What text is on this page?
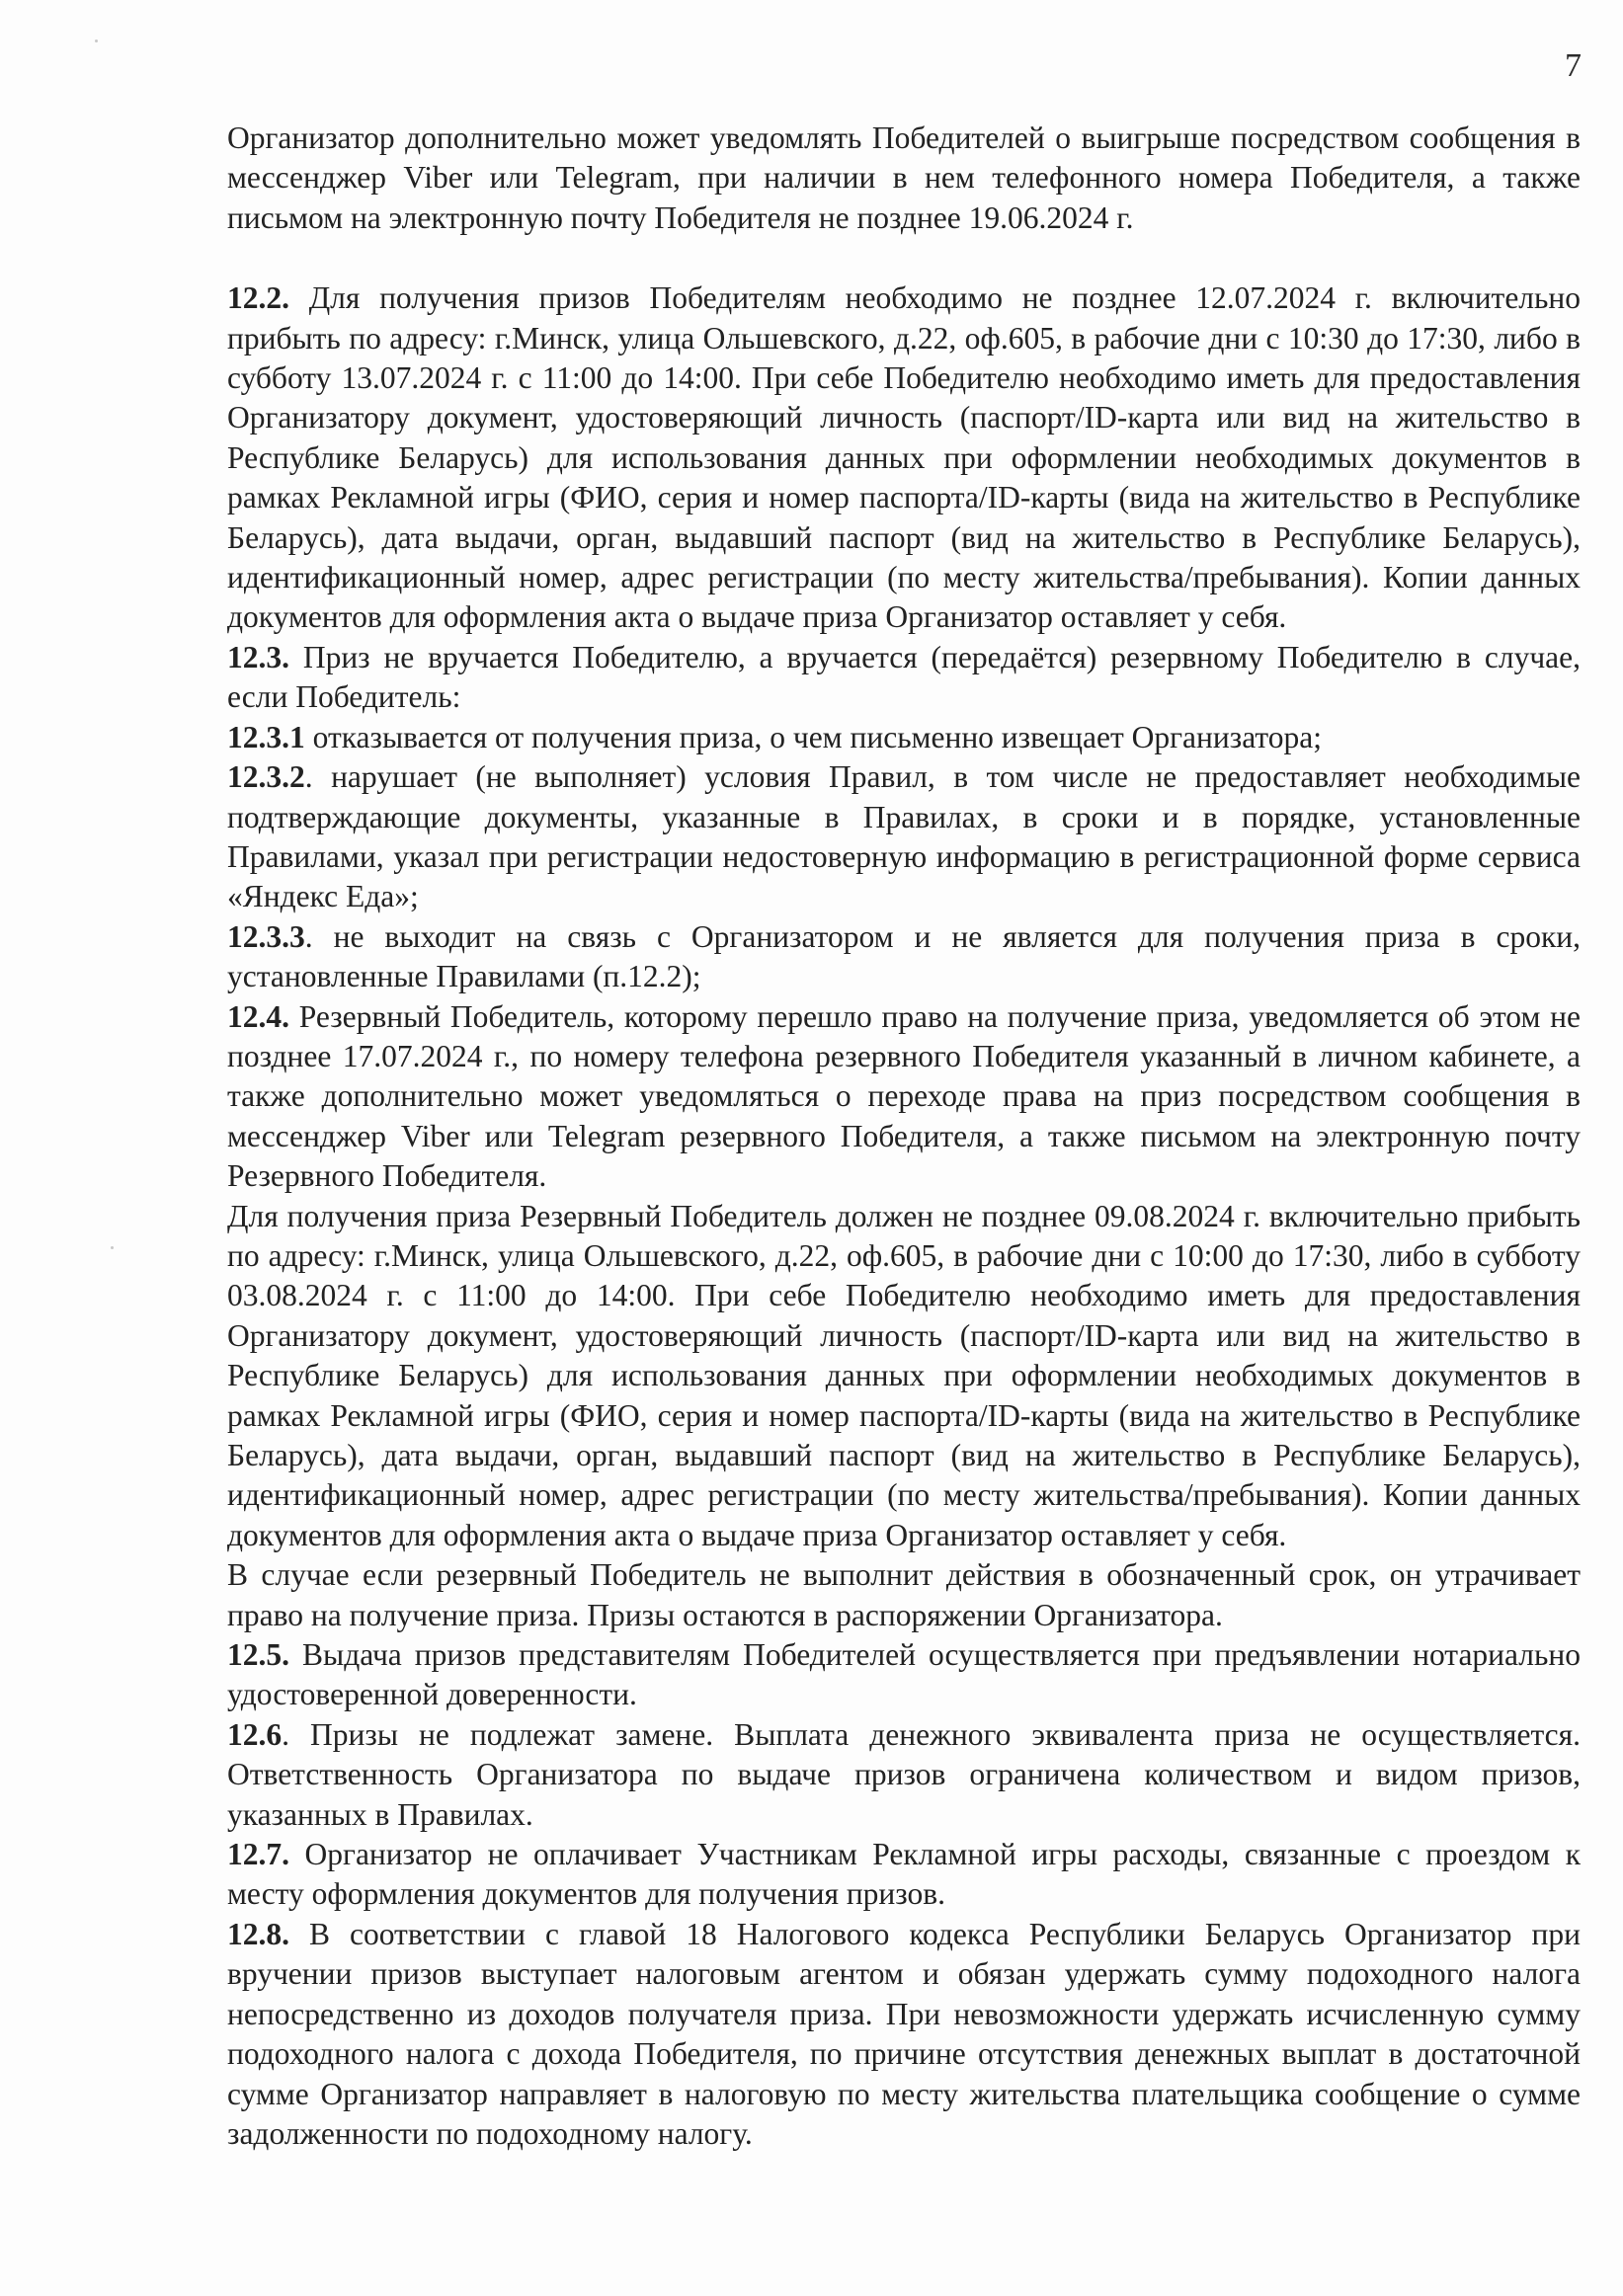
7

Организатор дополнительно может уведомлять Победителей о выигрыше посредством сообщения в мессенджер Viber или Telegram, при наличии в нем телефонного номера Победителя, а также письмом на электронную почту Победителя не позднее 19.06.2024 г.

12.2. Для получения призов Победителям необходимо не позднее 12.07.2024 г. включительно прибыть по адресу: г.Минск, улица Ольшевского, д.22, оф.605, в рабочие дни с 10:30 до 17:30, либо в субботу 13.07.2024 г. с 11:00 до 14:00. При себе Победителю необходимо иметь для предоставления Организатору документ, удостоверяющий личность (паспорт/ID-карта или вид на жительство в Республике Беларусь) для использования данных при оформлении необходимых документов в рамках Рекламной игры (ФИО, серия и номер паспорта/ID-карты (вида на жительство в Республике Беларусь), дата выдачи, орган, выдавший паспорт (вид на жительство в Республике Беларусь), идентификационный номер, адрес регистрации (по месту жительства/пребывания). Копии данных документов для оформления акта о выдаче приза Организатор оставляет у себя.

12.3. Приз не вручается Победителю, а вручается (передаётся) резервному Победителю в случае, если Победитель:

12.3.1 отказывается от получения приза, о чем письменно извещает Организатора;

12.3.2. нарушает (не выполняет) условия Правил, в том числе не предоставляет необходимые подтверждающие документы, указанные в Правилах, в сроки и в порядке, установленные Правилами, указал при регистрации недостоверную информацию в регистрационной форме сервиса «Яндекс Еда»;

12.3.3. не выходит на связь с Организатором и не является для получения приза в сроки, установленные Правилами (п.12.2);

12.4. Резервный Победитель, которому перешло право на получение приза, уведомляется об этом не позднее 17.07.2024 г., по номеру телефона резервного Победителя указанный в личном кабинете, а также дополнительно может уведомляться о переходе права на приз посредством сообщения в мессенджер Viber или Telegram резервного Победителя, а также письмом на электронную почту Резервного Победителя.

Для получения приза Резервный Победитель должен не позднее 09.08.2024 г. включительно прибыть по адресу: г.Минск, улица Ольшевского, д.22, оф.605, в рабочие дни с 10:00 до 17:30, либо в субботу 03.08.2024 г. с 11:00 до 14:00. При себе Победителю необходимо иметь для предоставления Организатору документ, удостоверяющий личность (паспорт/ID-карта или вид на жительство в Республике Беларусь) для использования данных при оформлении необходимых документов в рамках Рекламной игры (ФИО, серия и номер паспорта/ID-карты (вида на жительство в Республике Беларусь), дата выдачи, орган, выдавший паспорт (вид на жительство в Республике Беларусь), идентификационный номер, адрес регистрации (по месту жительства/пребывания). Копии данных документов для оформления акта о выдаче приза Организатор оставляет у себя.

В случае если резервный Победитель не выполнит действия в обозначенный срок, он утрачивает право на получение приза. Призы остаются в распоряжении Организатора.

12.5. Выдача призов представителям Победителей осуществляется при предъявлении нотариально удостоверенной доверенности.

12.6. Призы не подлежат замене. Выплата денежного эквивалента приза не осуществляется. Ответственность Организатора по выдаче призов ограничена количеством и видом призов, указанных в Правилах.

12.7. Организатор не оплачивает Участникам Рекламной игры расходы, связанные с проездом к месту оформления документов для получения призов.

12.8. В соответствии с главой 18 Налогового кодекса Республики Беларусь Организатор при вручении призов выступает налоговым агентом и обязан удержать сумму подоходного налога непосредственно из доходов получателя приза. При невозможности удержать исчисленную сумму подоходного налога с дохода Победителя, по причине отсутствия денежных выплат в достаточной сумме Организатор направляет в налоговую по месту жительства плательщика сообщение о сумме задолженности по подоходному налогу.
